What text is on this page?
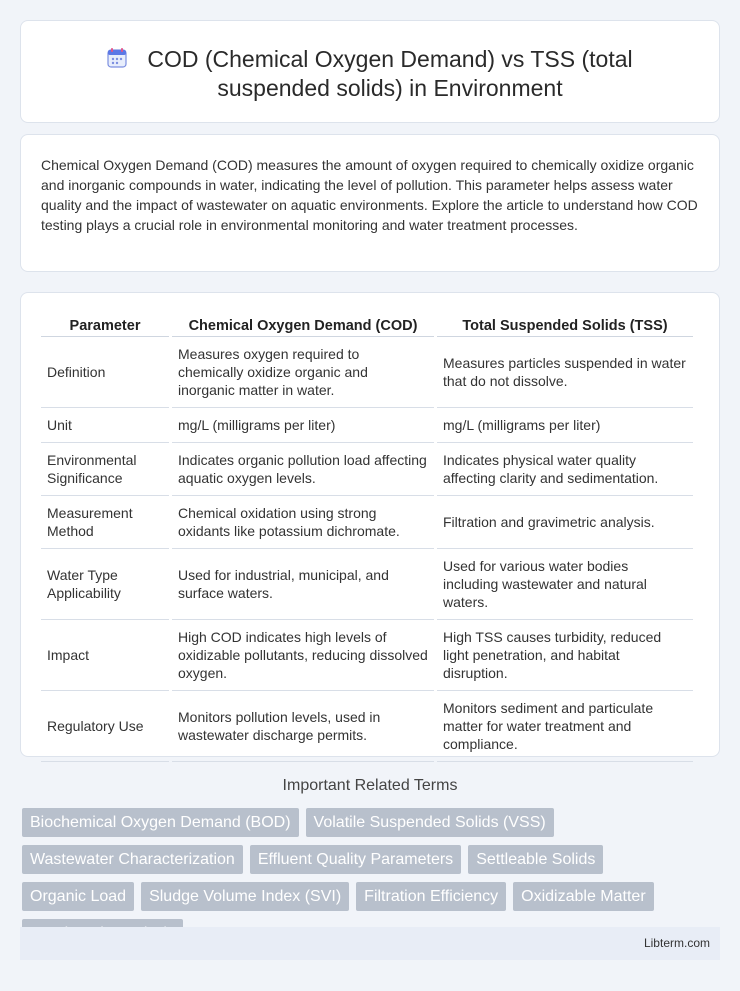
COD (Chemical Oxygen Demand) vs TSS (total suspended solids) in Environment

Chemical Oxygen Demand (COD) measures the amount of oxygen required to chemically oxidize organic and inorganic compounds in water, indicating the level of pollution. This parameter helps assess water quality and the impact of wastewater on aquatic environments. Explore the article to understand how COD testing plays a crucial role in environmental monitoring and water treatment processes.

Parameter	Chemical Oxygen Demand (COD)	Total Suspended Solids (TSS)
Definition	Measures oxygen required to chemically oxidize organic and inorganic matter in water.	Measures particles suspended in water that do not dissolve.
Unit	mg/L (milligrams per liter)	mg/L (milligrams per liter)
Environmental Significance	Indicates organic pollution load affecting aquatic oxygen levels.	Indicates physical water quality affecting clarity and sedimentation.
Measurement Method	Chemical oxidation using strong oxidants like potassium dichromate.	Filtration and gravimetric analysis.
Water Type Applicability	Used for industrial, municipal, and surface waters.	Used for various water bodies including wastewater and natural waters.
Impact	High COD indicates high levels of oxidizable pollutants, reducing dissolved oxygen.	High TSS causes turbidity, reduced light penetration, and habitat disruption.
Regulatory Use	Monitors pollution levels, used in wastewater discharge permits.	Monitors sediment and particulate matter for water treatment and compliance.
Important Related Terms
Biochemical Oxygen Demand (BOD)	Volatile Suspended Solids (VSS)
Wastewater Characterization	Effluent Quality Parameters	Settleable Solids
Organic Load	Sludge Volume Index (SVI)	Filtration Efficiency	Oxidizable Matter
Libterm.com
